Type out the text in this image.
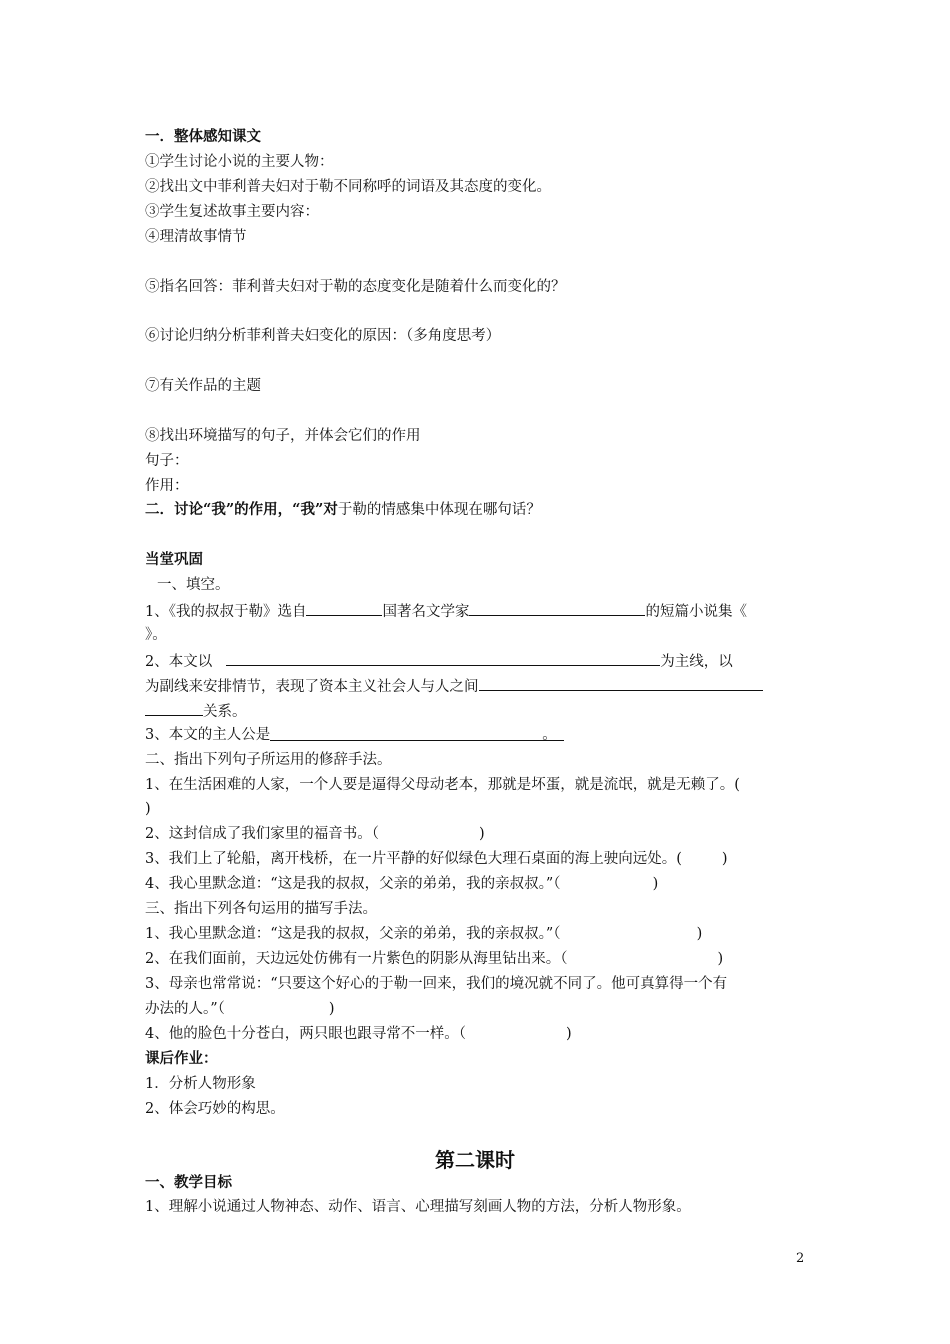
一．整体感知课文
①学生讨论小说的主要人物：
②找出文中菲利普夫妇对于勒不同称呼的词语及其态度的变化。
③学生复述故事主要内容：
④理清故事情节
⑤指名回答：菲利普夫妇对于勒的态度变化是随着什么而变化的？
⑥讨论归纳分析菲利普夫妇变化的原因：（多角度思考）
⑦有关作品的主题
⑧找出环境描写的句子，并体会它们的作用
句子：
作用：
二．讨论“我”的作用，“我”对于勒的情感集中体现在哪句话？
当堂巩固
一、填空。
1、《我的叔叔于勒》选自	国著名文学家	的短篇小说集《
》。
2、本文以	为主线，以
为副线来安排情节，表现了资本主义社会人与人之间
关系。
3、本文的主人公是	。
二、指出下列句子所运用的修辞手法。
1、在生活困难的人家，一个人要是逼得父母动老本，那就是坏蛋，就是流氓，就是无赖了。(
)
2、这封信成了我们家里的福音书。（	)
3、我们上了轮船，离开栈桥，在一片平静的好似绿色大理石桌面的海上驶向远处。(	)
4、我心里默念道：“这是我的叔叔，父亲的弟弟，我的亲叔叔。”（	)
三、指出下列各句运用的描写手法。
1、我心里默念道：“这是我的叔叔，父亲的弟弟，我的亲叔叔。”（	)
2、在我们面前，天边远处仿佛有一片紫色的阴影从海里钻出来。（	)
3、母亲也常常说：“只要这个好心的于勒一回来，我们的境况就不同了。他可真算得一个有
办法的人。”（	)
4、他的脸色十分苍白，两只眼也跟寻常不一样。（	)
课后作业：
1．分析人物形象
2、体会巧妙的构思。
第二课时
一、教学目标
1、理解小说通过人物神态、动作、语言、心理描写刻画人物的方法，分析人物形象。
2
